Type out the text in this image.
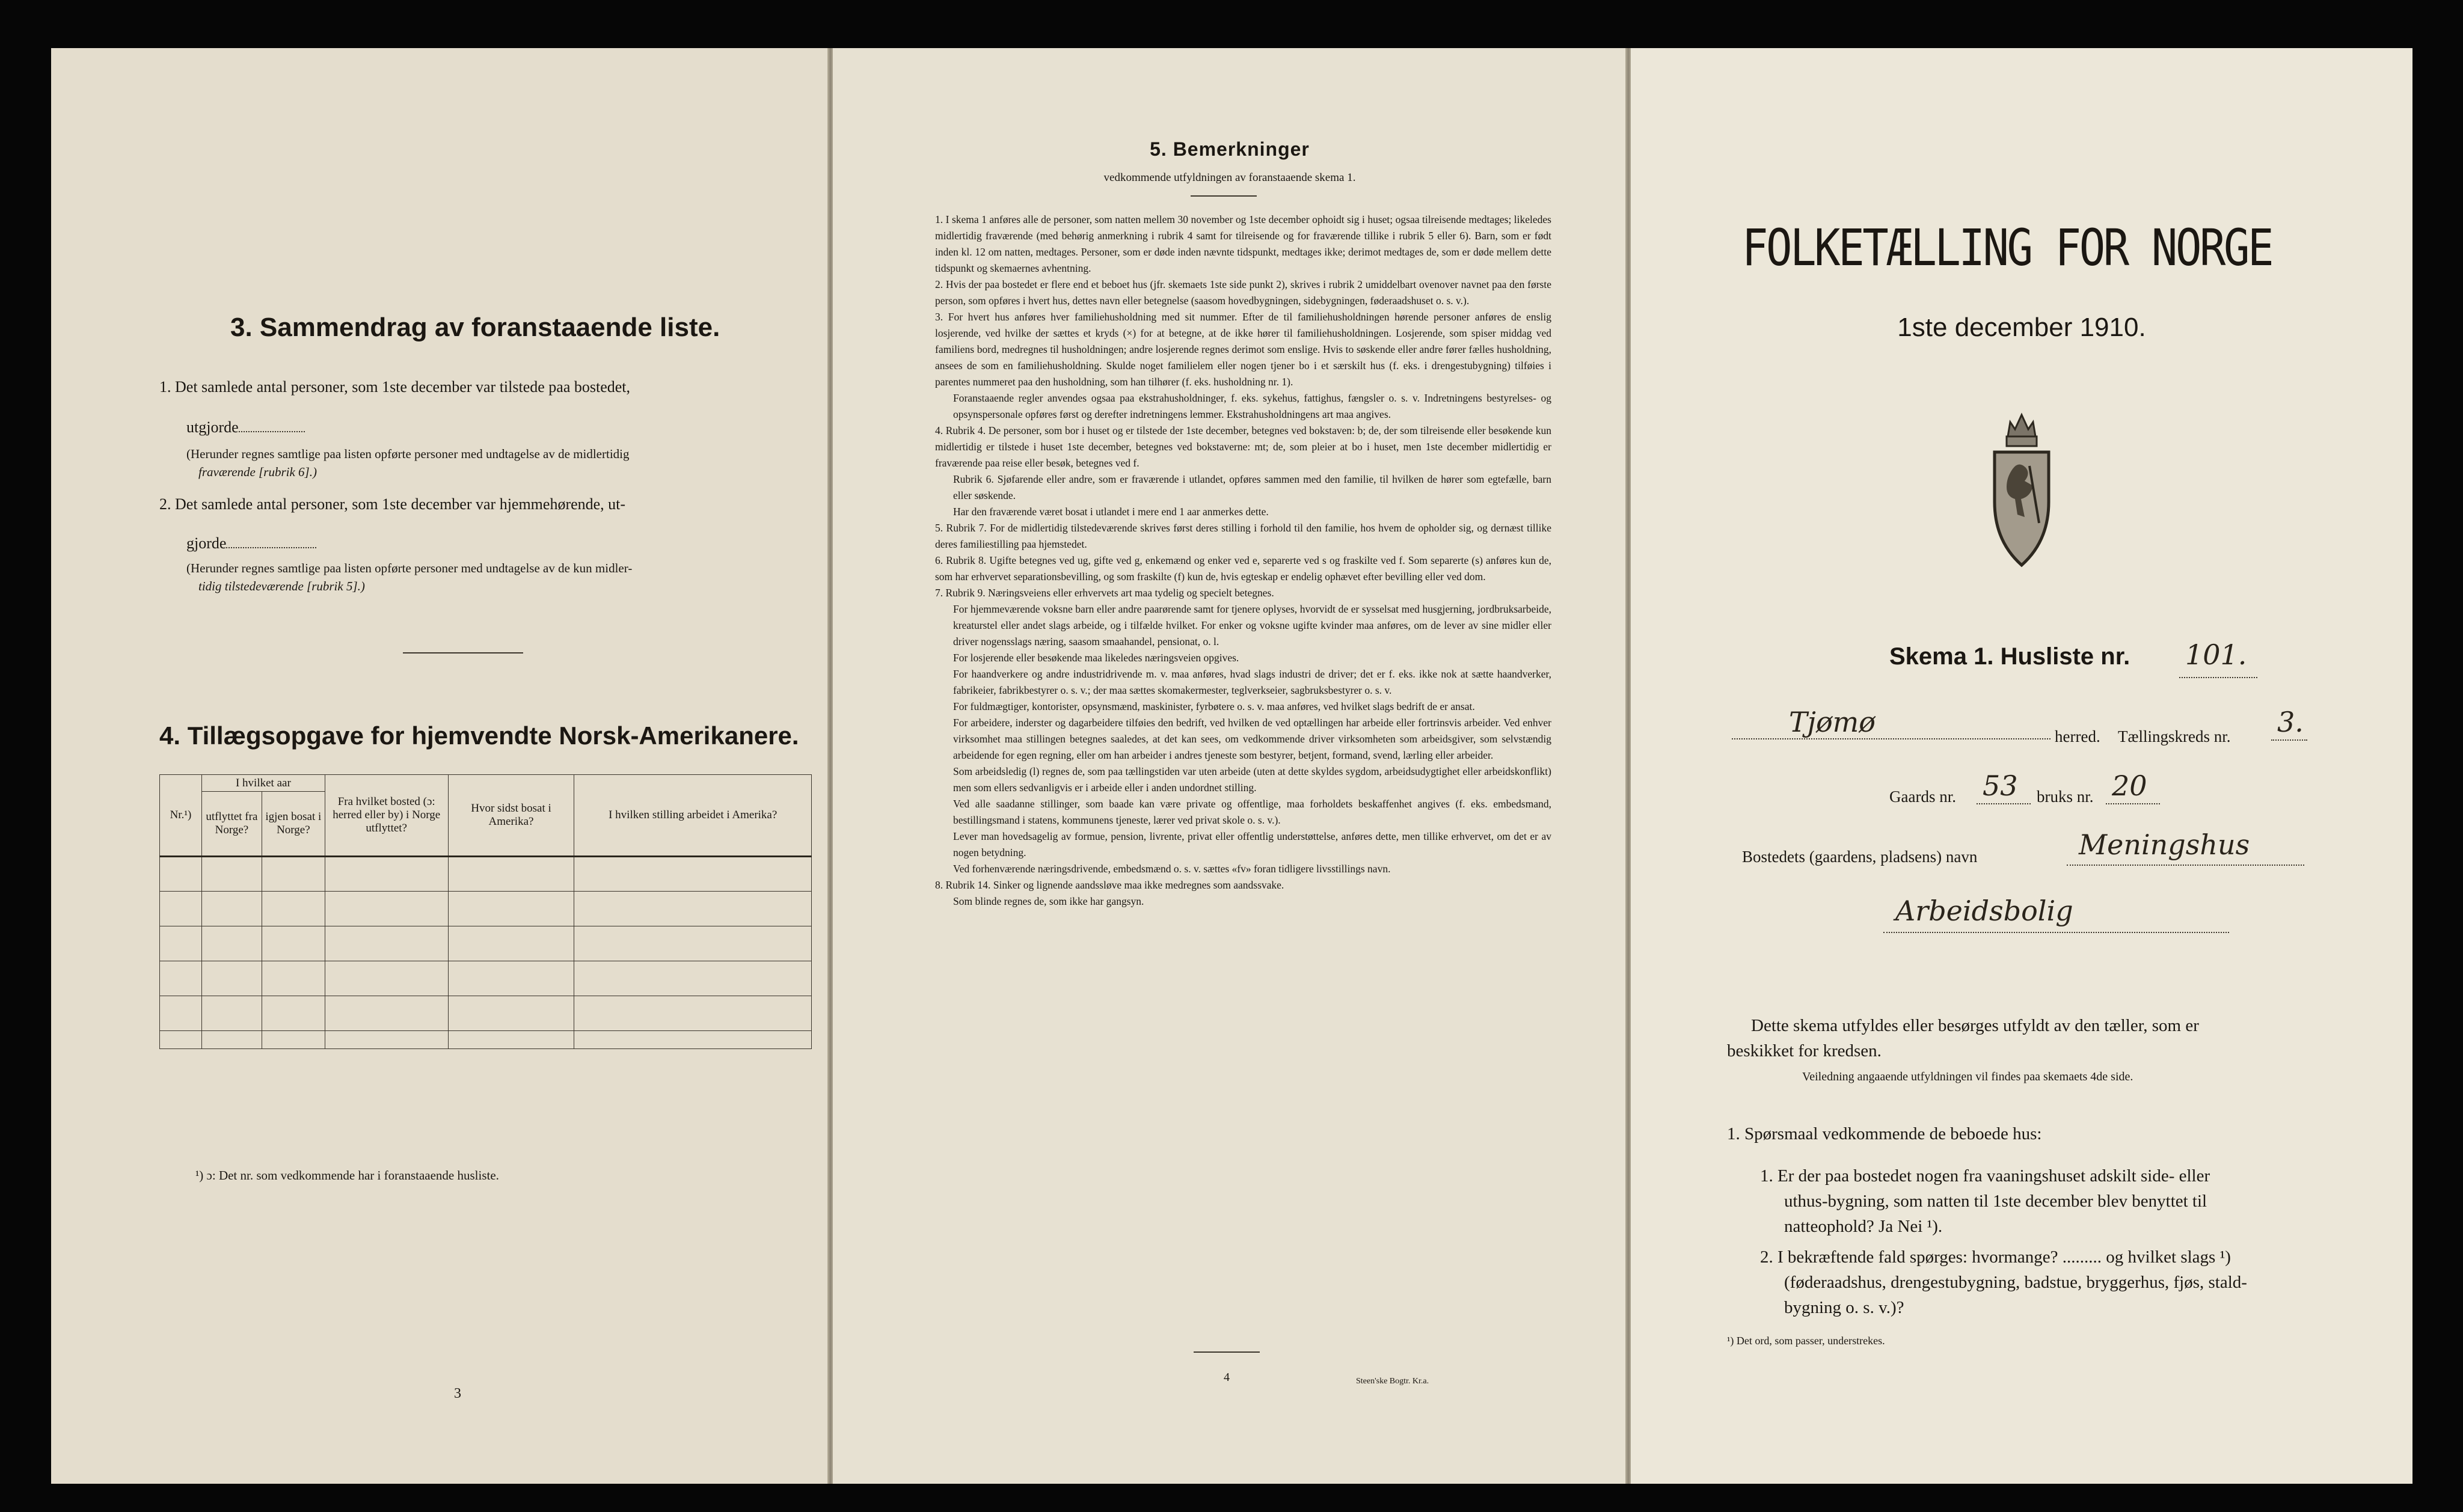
3. Sammendrag av foranstaaende liste.
1. Det samlede antal personer, som 1ste december var tilstede paa bostedet,
utgjorde
(Herunder regnes samtlige paa listen opførte personer med undtagelse av de midlertidig
fraværende [rubrik 6].)
2. Det samlede antal personer, som 1ste december var hjemmehørende, ut-
gjorde
(Herunder regnes samtlige paa listen opførte personer med undtagelse av de kun midler-
tidig tilstedeværende [rubrik 5].)
4. Tillægsopgave for hjemvendte Norsk-Amerikanere.
Nr.¹)	I hvilket aar		Fra hvilket bosted (ɔ: herred eller by) i Norge utflyttet?	Hvor sidst bosat i Amerika?	I hvilken stilling arbeidet i Amerika?
	utflyttet fra Norge?	igjen bosat i Norge?			

¹) ɔ: Det nr. som vedkommende har i foranstaaende husliste.
3
5. Bemerkninger
vedkommende utfyldningen av foranstaaende skema 1.

1. I skema 1 anføres alle de personer, som natten mellem 30 november og 1ste december ophoidt sig i huset; ogsaa tilreisende medtages; likeledes midlertidig fraværende (med behørig anmerkning i rubrik 4 samt for tilreisende og for fraværende tillike i rubrik 5 eller 6). Barn, som er født inden kl. 12 om natten, medtages. Personer, som er døde inden nævnte tidspunkt, medtages ikke; derimot medtages de, som er døde mellem dette tidspunkt og skemaernes avhentning.

2. Hvis der paa bostedet er flere end et beboet hus (jfr. skemaets 1ste side punkt 2), skrives i rubrik 2 umiddelbart ovenover navnet paa den første person, som opføres i hvert hus, dettes navn eller betegnelse (saasom hovedbygningen, sidebygningen, føderaadshuset o. s. v.).

3. For hvert hus anføres hver familiehusholdning med sit nummer. Efter de til familiehusholdningen hørende personer anføres de enslig losjerende, ved hvilke der sættes et kryds (×) for at betegne, at de ikke hører til familiehusholdningen. Losjerende, som spiser middag ved familiens bord, medregnes til husholdningen; andre losjerende regnes derimot som enslige. Hvis to søskende eller andre fører fælles husholdning, ansees de som en familiehusholdning. Skulde noget familielem eller nogen tjener bo i et særskilt hus (f. eks. i drengestubygning) tilføies i parentes nummeret paa den husholdning, som han tilhører (f. eks. husholdning nr. 1).

Foranstaaende regler anvendes ogsaa paa ekstrahusholdninger, f. eks. sykehus, fattighus, fængsler o. s. v. Indretningens bestyrelses- og opsynspersonale opføres først og derefter indretningens lemmer. Ekstrahusholdningens art maa angives.

4. Rubrik 4. De personer, som bor i huset og er tilstede der 1ste december, betegnes ved bokstaven: b; de, der som tilreisende eller besøkende kun midlertidig er tilstede i huset 1ste december, betegnes ved bokstaverne: mt; de, som pleier at bo i huset, men 1ste december midlertidig er fraværende paa reise eller besøk, betegnes ved f.

Rubrik 6. Sjøfarende eller andre, som er fraværende i utlandet, opføres sammen med den familie, til hvilken de hører som egtefælle, barn eller søskende.

Har den fraværende været bosat i utlandet i mere end 1 aar anmerkes dette.

5. Rubrik 7. For de midlertidig tilstedeværende skrives først deres stilling i forhold til den familie, hos hvem de opholder sig, og dernæst tillike deres familiestilling paa hjemstedet.

6. Rubrik 8. Ugifte betegnes ved ug, gifte ved g, enkemænd og enker ved e, separerte ved s og fraskilte ved f. Som separerte (s) anføres kun de, som har erhvervet separationsbevilling, og som fraskilte (f) kun de, hvis egteskap er endelig ophævet efter bevilling eller ved dom.

7. Rubrik 9. Næringsveiens eller erhvervets art maa tydelig og specielt betegnes.

For hjemmeværende voksne barn eller andre paarørende samt for tjenere oplyses, hvorvidt de er sysselsat med husgjerning, jordbruksarbeide, kreaturstel eller andet slags arbeide, og i tilfælde hvilket. For enker og voksne ugifte kvinder maa anføres, om de lever av sine midler eller driver nogensslags næring, saasom smaahandel, pensionat, o. l.

For losjerende eller besøkende maa likeledes næringsveien opgives.

For haandverkere og andre industridrivende m. v. maa anføres, hvad slags industri de driver; det er f. eks. ikke nok at sætte haandverker, fabrikeier, fabrikbestyrer o. s. v.; der maa sættes skomakermester, teglverkseier, sagbruksbestyrer o. s. v.

For fuldmægtiger, kontorister, opsynsmænd, maskinister, fyrbøtere o. s. v. maa anføres, ved hvilket slags bedrift de er ansat.

For arbeidere, inderster og dagarbeidere tilføies den bedrift, ved hvilken de ved optællingen har arbeide eller fortrinsvis arbeider. Ved enhver virksomhet maa stillingen betegnes saaledes, at det kan sees, om vedkommende driver virksomheten som arbeidsgiver, som selvstændig arbeidende for egen regning, eller om han arbeider i andres tjeneste som bestyrer, betjent, formand, svend, lærling eller arbeider.

Som arbeidsledig (l) regnes de, som paa tællingstiden var uten arbeide (uten at dette skyldes sygdom, arbeidsudygtighet eller arbeidskonflikt) men som ellers sedvanligvis er i arbeide eller i anden undordnet stilling.

Ved alle saadanne stillinger, som baade kan være private og offentlige, maa forholdets beskaffenhet angives (f. eks. embedsmand, bestillingsmand i statens, kommunens tjeneste, lærer ved privat skole o. s. v.).

Lever man hovedsagelig av formue, pension, livrente, privat eller offentlig understøttelse, anføres dette, men tillike erhvervet, om det er av nogen betydning.

Ved forhenværende næringsdrivende, embedsmænd o. s. v. sættes «fv» foran tidligere livsstillings navn.

8. Rubrik 14. Sinker og lignende aandssløve maa ikke medregnes som aandssvake.

Som blinde regnes de, som ikke har gangsyn.

4	Steen'ske Bogtr. Kr.a.
FOLKETÆLLING FOR NORGE
1ste december 1910.
Skema 1. Husliste nr. 101.
Tjømø	herred. Tællingskreds nr. 3.
Gaards nr. 53 bruks nr. 20
Bostedets (gaardens, pladsens) navn	Meningshus
Arbeidsbolig
Dette skema utfyldes eller besørges utfyldt av den tæller, som er
beskikket for kredsen.
Veiledning angaaende utfyldningen vil findes paa skemaets 4de side.
1. Spørsmaal vedkommende de beboede hus:
1. Er der paa bostedet nogen fra vaaningshuset adskilt side- eller
uthus-bygning, som natten til 1ste december blev benyttet til
natteophold? Ja Nei ¹).
2. I bekræftende fald spørges: hvormange? ......... og hvilket slags ¹)
(føderaadshus, drengestubygning, badstue, bryggerhus, fjøs, stald-
bygning o. s. v.)?
¹) Det ord, som passer, understrekes.
